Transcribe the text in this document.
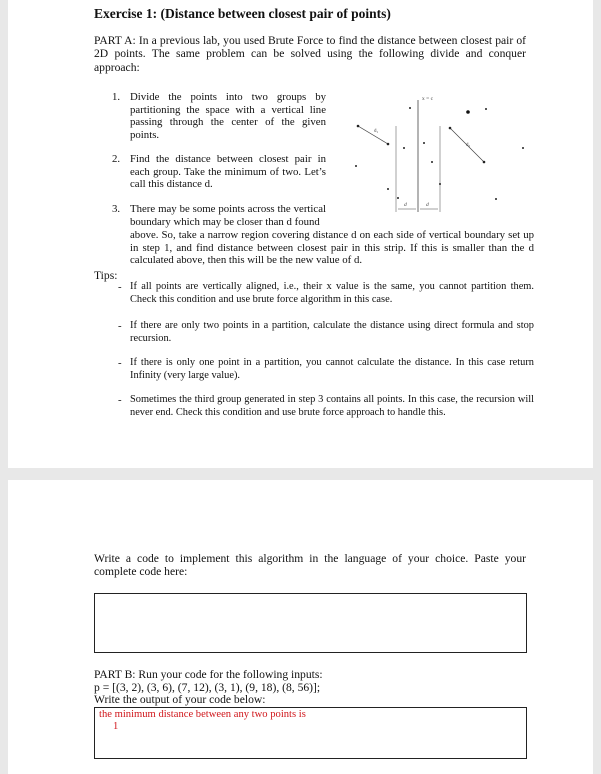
Exercise 1: (Distance between closest pair of points)
PART A: In a previous lab, you used Brute Force to find the distance between closest pair of 2D points. The same problem can be solved using the following divide and conquer approach:
1. Divide the points into two groups by partitioning the space with a vertical line passing through the center of the given points.
2. Find the distance between closest pair in each group. Take the minimum of two. Let’s call this distance d.
3. There may be some points across the vertical boundary which may be closer than d found
above. So, take a narrow region covering distance d on each side of vertical boundary set up in step 1, and find distance between closest pair in this strip. If this is smaller than the d calculated above, then this will be the new value of d.
x = c
d	d
d₁
d₂
Tips:
- If all points are vertically aligned, i.e., their x value is the same, you cannot partition them. Check this condition and use brute force algorithm in this case.
- If there are only two points in a partition, calculate the distance using direct formula and stop recursion.
- If there is only one point in a partition, you cannot calculate the distance. In this case return Infinity (very large value).
- Sometimes the third group generated in step 3 contains all points. In this case, the recursion will never end. Check this condition and use brute force approach to handle this.
Write a code to implement this algorithm in the language of your choice. Paste your complete code here:
PART B: Run your code for the following inputs:
p = [(3, 2), (3, 6), (7, 12), (3, 1), (9, 18), (8, 56)];
Write the output of your code below:
the minimum distance between any two points is
1
